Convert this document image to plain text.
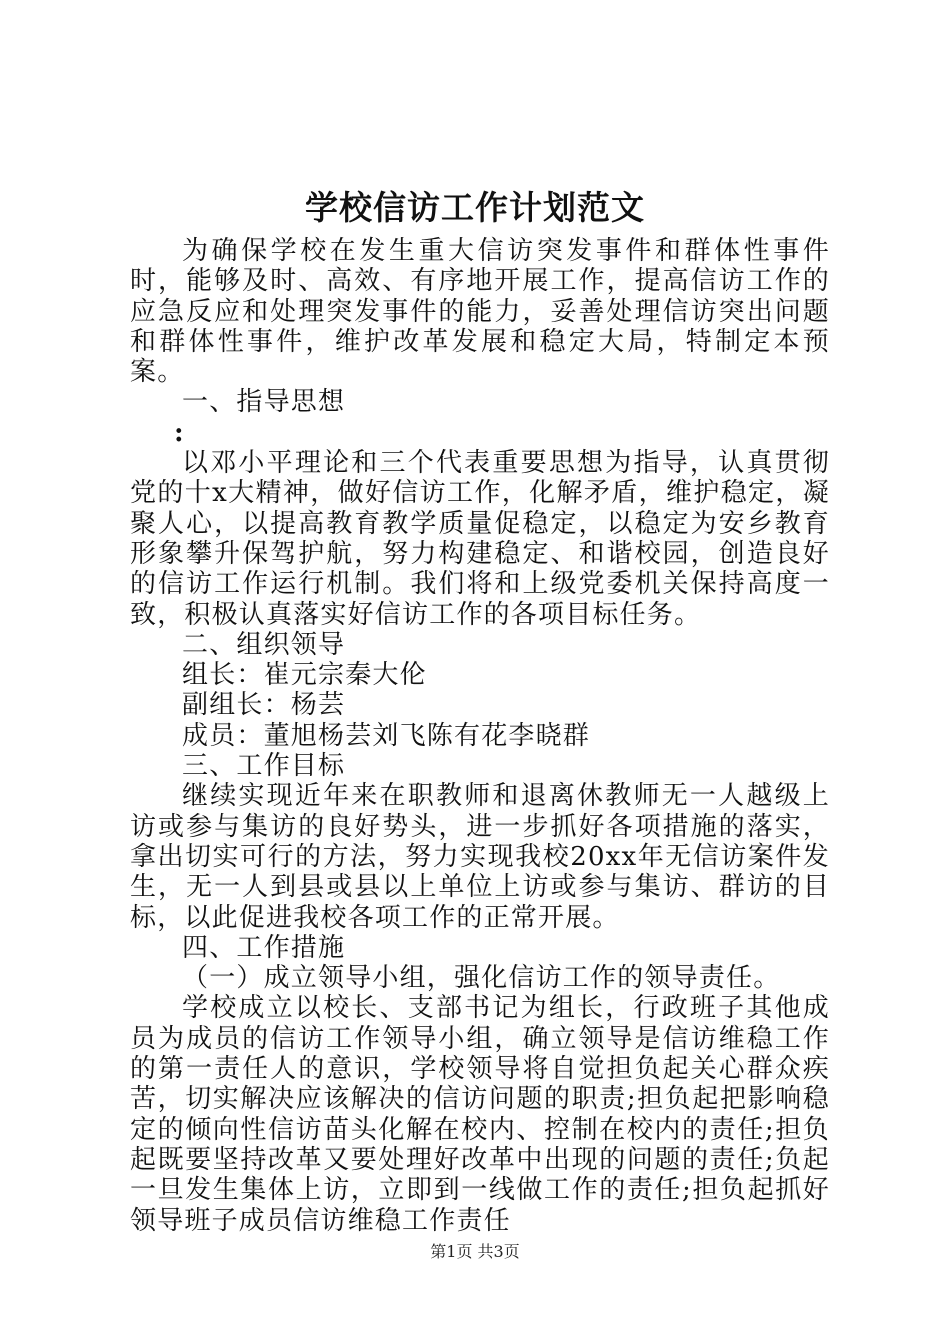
学校信访工作计划范文

为确保学校在发生重大信访突发事件和群体性事件时，能够及时、高效、有序地开展工作，提高信访工作的应急反应和处理突发事件的能力，妥善处理信访突出问题和群体性事件，维护改革发展和稳定大局，特制定本预案。

一、指导思想

:

以邓小平理论和三个代表重要思想为指导，认真贯彻党的十x大精神，做好信访工作，化解矛盾，维护稳定，凝聚人心，以提高教育教学质量促稳定，以稳定为安乡教育形象攀升保驾护航，努力构建稳定、和谐校园，创造良好的信访工作运行机制。我们将和上级党委机关保持高度一致，积极认真落实好信访工作的各项目标任务。

二、组织领导

组长：崔元宗秦大伦

副组长：杨芸

成员：董旭杨芸刘飞陈有花李晓群

三、工作目标

继续实现近年来在职教师和退离休教师无一人越级上访或参与集访的良好势头，进一步抓好各项措施的落实，拿出切实可行的方法，努力实现我校20xx年无信访案件发生，无一人到县或县以上单位上访或参与集访、群访的目标，以此促进我校各项工作的正常开展。

四、工作措施

（一）成立领导小组，强化信访工作的领导责任。

学校成立以校长、支部书记为组长，行政班子其他成员为成员的信访工作领导小组，确立领导是信访维稳工作的第一责任人的意识，学校领导将自觉担负起关心群众疾苦，切实解决应该解决的信访问题的职责;担负起把影响稳定的倾向性信访苗头化解在校内、控制在校内的责任;担负起既要坚持改革又要处理好改革中出现的问题的责任;负起一旦发生集体上访，立即到一线做工作的责任;担负起抓好领导班子成员信访维稳工作责任

第1页 共3页
